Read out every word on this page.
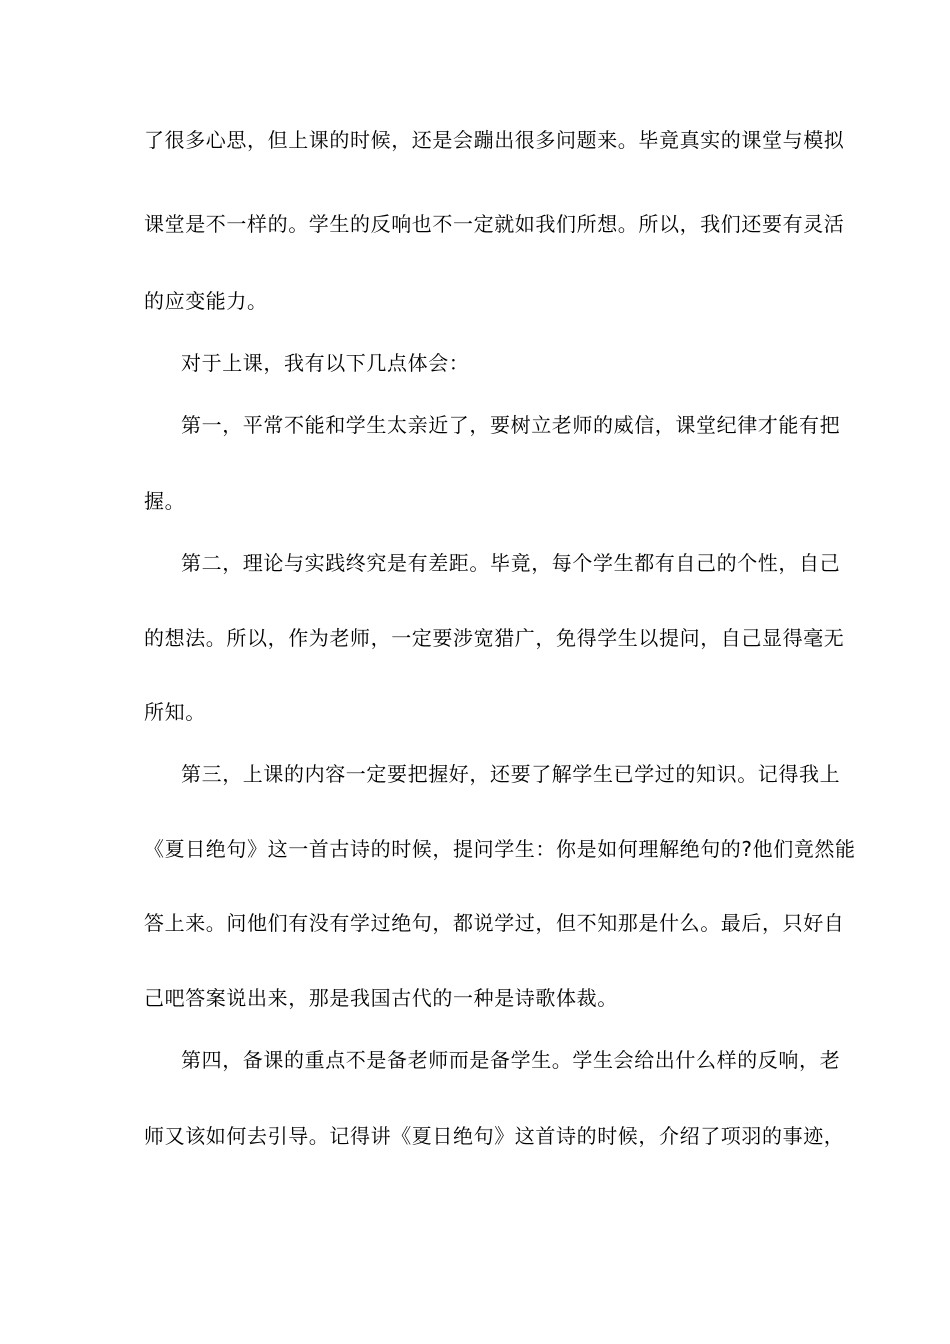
了很多心思，但上课的时候，还是会蹦出很多问题来。毕竟真实的课堂与模拟
课堂是不一样的。学生的反响也不一定就如我们所想。所以，我们还要有灵活
的应变能力。
对于上课，我有以下几点体会：
第一，平常不能和学生太亲近了，要树立老师的威信，课堂纪律才能有把
握。
第二，理论与实践终究是有差距。毕竟，每个学生都有自己的个性，自己
的想法。所以，作为老师，一定要涉宽猎广，免得学生以提问，自己显得毫无
所知。
第三，上课的内容一定要把握好，还要了解学生已学过的知识。记得我上
《夏日绝句》这一首古诗的时候，提问学生：你是如何理解绝句的?他们竟然能
答上来。问他们有没有学过绝句，都说学过，但不知那是什么。最后，只好自
己吧答案说出来，那是我国古代的一种是诗歌体裁。
第四，备课的重点不是备老师而是备学生。学生会给出什么样的反响，老
师又该如何去引导。记得讲《夏日绝句》这首诗的时候，介绍了项羽的事迹，
